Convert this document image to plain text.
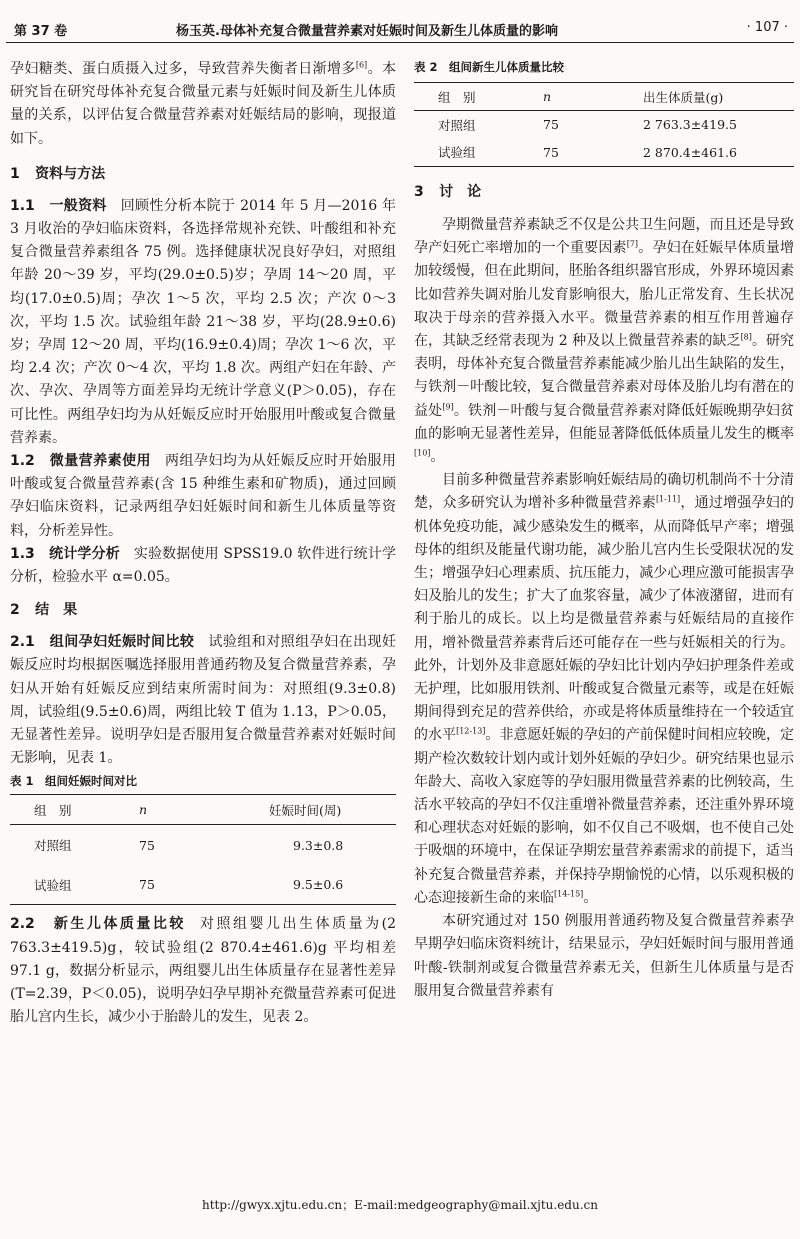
第 37 卷	杨玉英.母体补充复合微量营养素对妊娠时间及新生儿体质量的影响	· 107 ·

孕妇糖类、蛋白质摄入过多，导致营养失衡者日渐增多[6]。本研究旨在研究母体补充复合微量元素与妊娠时间及新生儿体质量的关系，以评估复合微量营养素对妊娠结局的影响，现报道如下。

1 资料与方法

1.1　一般资料 回顾性分析本院于 2014 年 5 月—2016 年 3 月收治的孕妇临床资料，各选择常规补充铁、叶酸组和补充复合微量营养素组各 75 例。选择健康状况良好孕妇，对照组年龄 20～39 岁，平均(29.0±0.5)岁；孕周 14～20 周，平均(17.0±0.5)周；孕次 1～5 次，平均 2.5 次；产次 0～3 次，平均 1.5 次。试验组年龄 21～38 岁，平均(28.9±0.6)岁；孕周 12～20 周，平均(16.9±0.4)周；孕次 1～6 次，平均 2.4 次；产次 0～4 次，平均 1.8 次。两组产妇在年龄、产次、孕次、孕周等方面差异均无统计学意义(P＞0.05)，存在可比性。两组孕妇均为从妊娠反应时开始服用叶酸或复合微量营养素。

1.2　微量营养素使用 两组孕妇均为从妊娠反应时开始服用叶酸或复合微量营养素(含 15 种维生素和矿物质)，通过回顾孕妇临床资料，记录两组孕妇妊娠时间和新生儿体质量等资料，分析差异性。

1.3　统计学分析 实验数据使用 SPSS19.0 软件进行统计学分析，检验水平 α=0.05。

2 结　果

2.1　组间孕妇妊娠时间比较 试验组和对照组孕妇在出现妊娠反应时均根据医嘱选择服用普通药物及复合微量营养素，孕妇从开始有妊娠反应到结束所需时间为：对照组(9.3±0.8)周，试验组(9.5±0.6)周，两组比较 T 值为 1.13，P＞0.05，无显著性差异。说明孕妇是否服用复合微量营养素对妊娠时间无影响，见表 1。

表 1 组间妊娠时间对比

组　别	n	妊娠时间(周)
对照组	75	9.3±0.8
试验组	75	9.5±0.6

2.2　新生儿体质量比较 对照组婴儿出生体质量为(2 763.3±419.5)g，较试验组(2 870.4±461.6)g 平均相差 97.1 g，数据分析显示，两组婴儿出生体质量存在显著性差异(T=2.39，P＜0.05)，说明孕妇孕早期补充微量营养素可促进胎儿宫内生长，减少小于胎龄儿的发生，见表 2。

表 2 组间新生儿体质量比较

组　别	n	出生体质量(g)
对照组	75	2 763.3±419.5
试验组	75	2 870.4±461.6

3 讨　论

孕期微量营养素缺乏不仅是公共卫生问题，而且还是导致孕产妇死亡率增加的一个重要因素[7]。孕妇在妊娠早体质量增加较缓慢，但在此期间，胚胎各组织器官形成，外界环境因素比如营养失调对胎儿发育影响很大，胎儿正常发育、生长状况取决于母亲的营养摄入水平。微量营养素的相互作用普遍存在，其缺乏经常表现为 2 种及以上微量营养素的缺乏[8]。研究表明，母体补充复合微量营养素能减少胎儿出生缺陷的发生，与铁剂－叶酸比较，复合微量营养素对母体及胎儿均有潜在的益处[9]。铁剂－叶酸与复合微量营养素对降低妊娠晚期孕妇贫血的影响无显著性差异，但能显著降低低体质量儿发生的概率[10]。

目前多种微量营养素影响妊娠结局的确切机制尚不十分清楚，众多研究认为增补多种微量营养素[1-11]，通过增强孕妇的机体免疫功能，减少感染发生的概率，从而降低早产率；增强母体的组织及能量代谢功能，减少胎儿宫内生长受限状况的发生；增强孕妇心理素质、抗压能力，减少心理应激可能损害孕妇及胎儿的发生；扩大了血浆容量，减少了体液潴留，进而有利于胎儿的成长。以上均是微量营养素与妊娠结局的直接作用，增补微量营养素背后还可能存在一些与妊娠相关的行为。此外，计划外及非意愿妊娠的孕妇比计划内孕妇护理条件差或无护理，比如服用铁剂、叶酸或复合微量元素等，或是在妊娠期间得到充足的营养供给，亦或是将体质量维持在一个较适宜的水平[12-13]。非意愿妊娠的孕妇的产前保健时间相应较晚，定期产检次数较计划内或计划外妊娠的孕妇少。研究结果也显示年龄大、高收入家庭等的孕妇服用微量营养素的比例较高，生活水平较高的孕妇不仅注重增补微量营养素，还注重外界环境和心理状态对妊娠的影响，如不仅自己不吸烟，也不使自己处于吸烟的环境中，在保证孕期宏量营养素需求的前提下，适当补充复合微量营养素，并保持孕期愉悦的心情，以乐观积极的心态迎接新生命的来临[14-15]。

本研究通过对 150 例服用普通药物及复合微量营养素孕早期孕妇临床资料统计，结果显示，孕妇妊娠时间与服用普通叶酸-铁制剂或复合微量营养素无关，但新生儿体质量与是否服用复合微量营养素有

http://gwyx.xjtu.edu.cn；E-mail:medgeography@mail.xjtu.edu.cn
